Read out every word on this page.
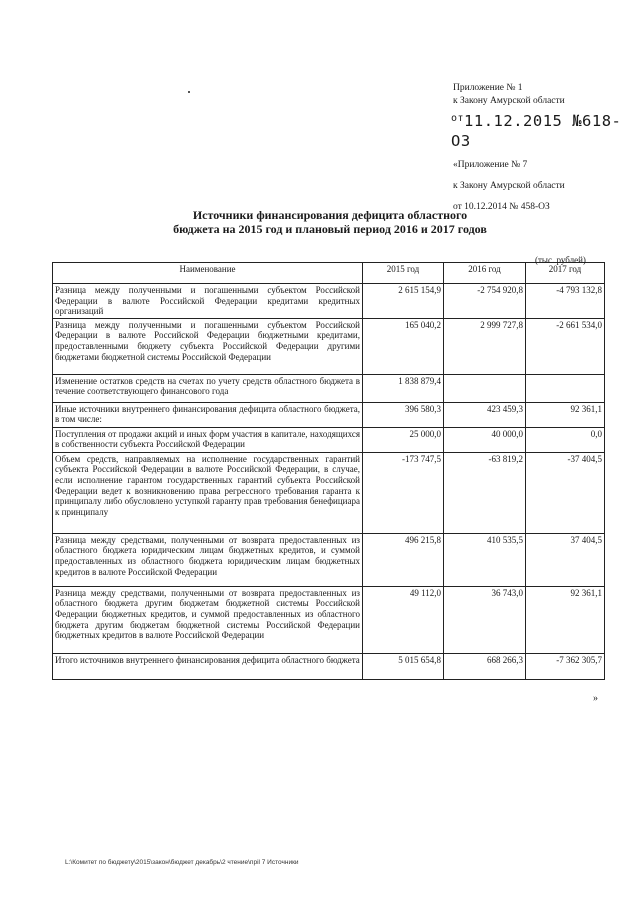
Приложение № 1
к Закону Амурской области
$^{от}$11.12.2015 №618-ОЗ
«Приложение № 7
к Закону Амурской области
от 10.12.2014 № 458-ОЗ
Источники финансирования дефицита областного
бюджета на 2015 год и плановый период 2016 и 2017 годов
(тыс. рублей)
Наименование	2015 год	2016 год	2017 год
Разница между полученными и погашенными субъектом Российской Федерации в валюте Российской Федерации кредитами кредитных организаций	2 615 154,9	-2 754 920,8	-4 793 132,8
Разница между полученными и погашенными субъектом Российской Федерации в валюте Российской Федерации бюджетными кредитами, предоставленными бюджету субъекта Российской Федерации другими бюджетами бюджетной системы Российской Федерации	165 040,2	2 999 727,8	-2 661 534,0
Изменение остатков средств на счетах по учету средств областного бюджета в течение соответствующего финансового года	1 838 879,4		
Иные источники внутреннего финансирования дефицита областного бюджета, в том числе:	396 580,3	423 459,3	92 361,1
Поступления от продажи акций и иных форм участия в капитале, находящихся в собственности субъекта Российской Федерации	25 000,0	40 000,0	0,0
Объем средств, направляемых на исполнение государственных гарантий субъекта Российской Федерации в валюте Российской Федерации, в случае, если исполнение гарантом государственных гарантий субъекта Российской Федерации ведет к возникновению права регрессного требования гаранта к принципалу либо обусловлено уступкой гаранту прав требования бенефициара к принципалу	-173 747,5	-63 819,2	-37 404,5
Разница между средствами, полученными от возврата предоставленных из областного бюджета юридическим лицам бюджетных кредитов, и суммой предоставленных из областного бюджета юридическим лицам бюджетных кредитов в валюте Российской Федерации	496 215,8	410 535,5	37 404,5
Разница между средствами, полученными от возврата предоставленных из областного бюджета другим бюджетам бюджетной системы Российской Федерации бюджетных кредитов, и суммой предоставленных из областного бюджета другим бюджетам бюджетной системы Российской Федерации бюджетных кредитов в валюте Российской Федерации	49 112,0	36 743,0	92 361,1
Итого источников внутреннего финансирования дефицита областного бюджета	5 015 654,8	668 266,3	-7 362 305,7
»
L:\Комитет по бюджету\2015\закон\бюджет декабрь\2 чтение\прil 7 Источники
